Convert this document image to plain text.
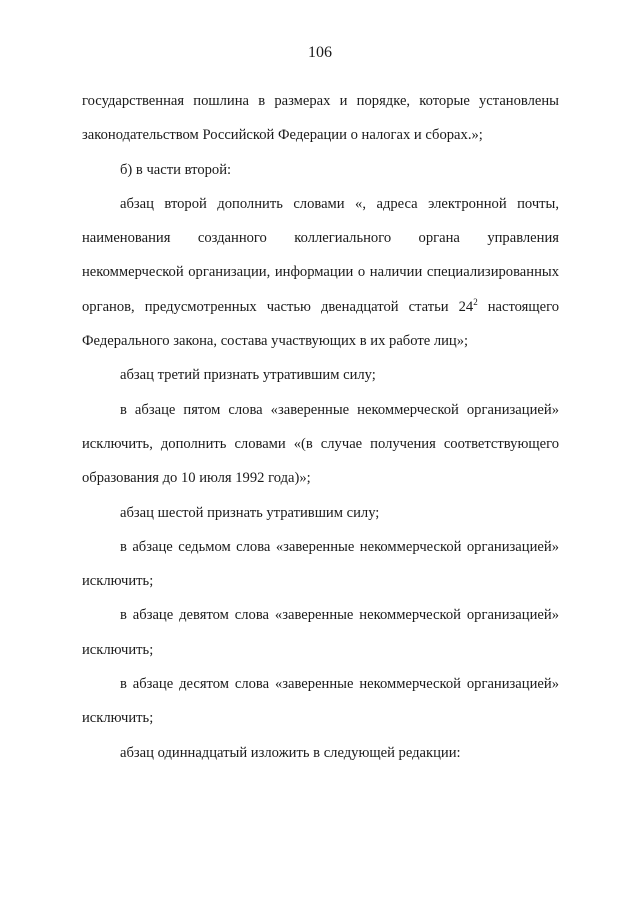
106

государственная пошлина в размерах и порядке, которые установлены законодательством Российской Федерации о налогах и сборах.»;

б) в части второй:

абзац второй дополнить словами «, адреса электронной почты, наименования созданного коллегиального органа управления некоммерческой организации, информации о наличии специализированных органов, предусмотренных частью двенадцатой статьи $24^2$ настоящего Федерального закона, состава участвующих в их работе лиц»;

абзац третий признать утратившим силу;

в абзаце пятом слова «заверенные некоммерческой организацией» исключить, дополнить словами «(в случае получения соответствующего образования до 10 июля 1992 года)»;

абзац шестой признать утратившим силу;

в абзаце седьмом слова «заверенные некоммерческой организацией» исключить;

в абзаце девятом слова «заверенные некоммерческой организацией» исключить;

в абзаце десятом слова «заверенные некоммерческой организацией» исключить;

абзац одиннадцатый изложить в следующей редакции:
